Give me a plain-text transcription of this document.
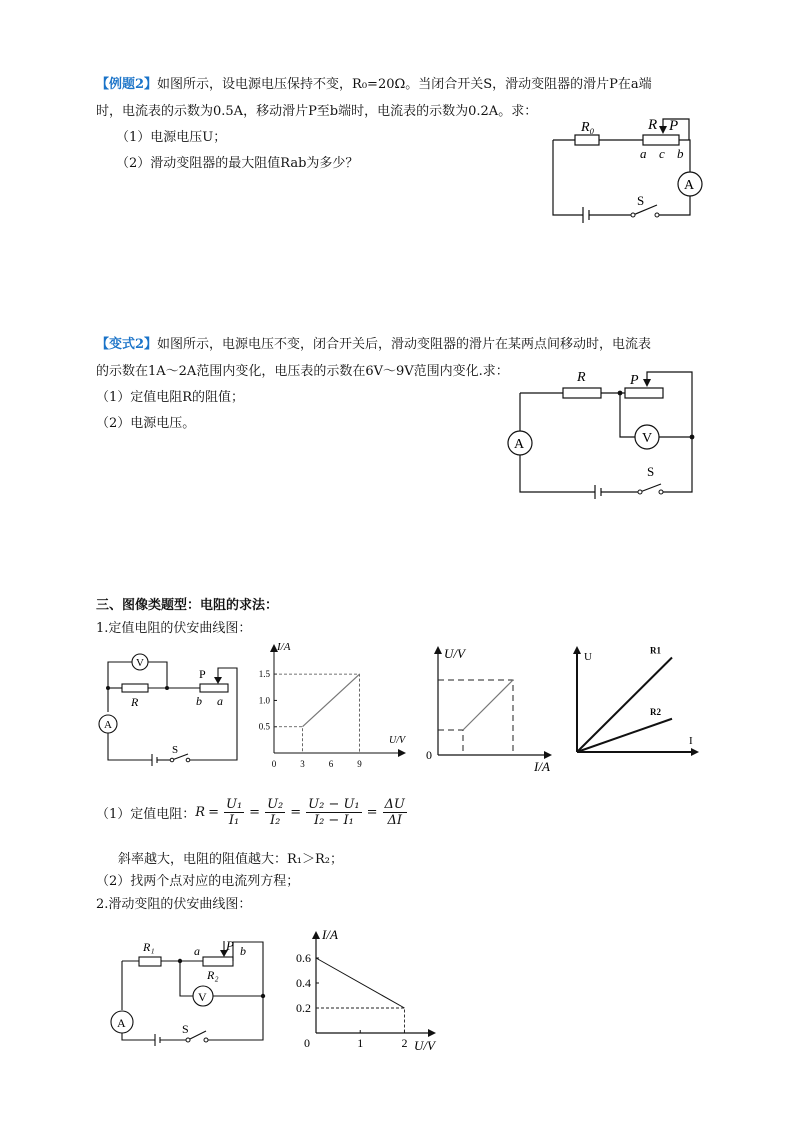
【例题2】如图所示，设电源电压保持不变，R₀=20Ω。当闭合开关S，滑动变阻器的滑片P在a端
时，电流表的示数为0.5A，移动滑片P至b端时，电流表的示数为0.2A。求：
（1）电源电压U；
（2）滑动变阻器的最大阻值Rab为多少？
R₀	R P
a c b
A
S
【变式2】如图所示，电源电压不变，闭合开关后，滑动变阻器的滑片在某两点间移动时，电流表
的示数在1A～2A范围内变化，电压表的示数在6V～9V范围内变化.求：
（1）定值电阻R的阻值；
（2）电源电压。
R	P
A	V
S
三、图像类题型：电阻的求法：
1.定值电阻的伏安曲线图：
V
R
P
b a
A
S
I/A
U/V
0	3	6	9
0.5
1.0
1.5
U/V
I/A
0
U
I
R1
R2
（1）定值电阻： $R = \frac{\text{U₁}}{\text{I₁}} = \frac{\text{U₂}}{\text{I₂}} = \frac{\text{U₂ − U₁}}{\text{I₂ − I₁}} = \frac{\Delta U}{\Delta I}$
斜率越大，电阻的阻值越大：R₁＞R₂；
（2）找两个点对应的电流列方程；
2.滑动变阻的伏安曲线图：
R₁
R₂
a P b
A
V
S
I/A
U/V
0	1	2
0.2
0.4
0.6
